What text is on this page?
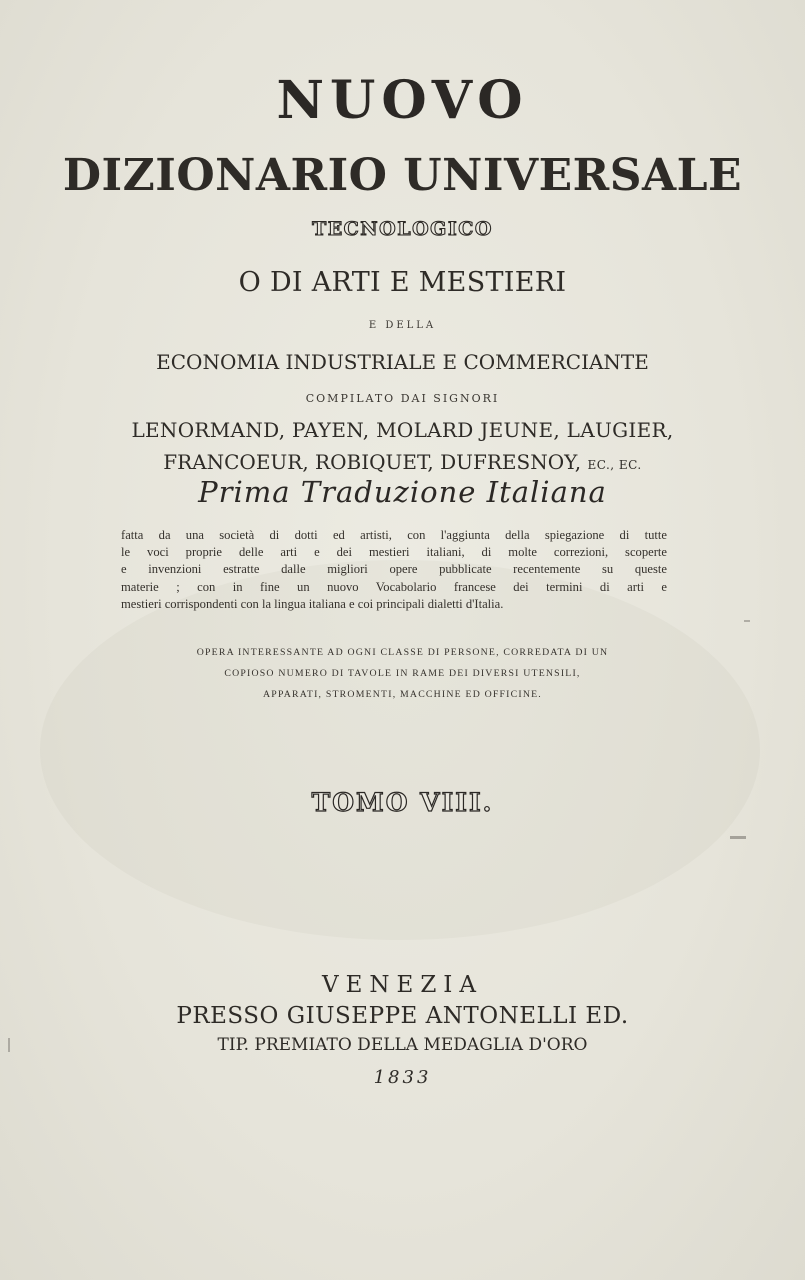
NUOVO
DIZIONARIO UNIVERSALE
TECNOLOGICO
O DI ARTI E MESTIERI
E DELLA
ECONOMIA INDUSTRIALE E COMMERCIANTE
COMPILATO DAI SIGNORI
LENORMAND, PAYEN, MOLARD JEUNE, LAUGIER,
FRANCOEUR, ROBIQUET, DUFRESNOY, EC., EC.
Prima Traduzione Italiana
fatta da una società di dotti ed artisti, con l'aggiunta della spiegazione di tutte
le voci proprie delle arti e dei mestieri italiani, di molte correzioni, scoperte
e invenzioni estratte dalle migliori opere pubblicate recentemente su queste
materie ; con in fine un nuovo Vocabolario francese dei termini di arti e
mestieri corrispondenti con la lingua italiana e coi principali dialetti d'Italia.
OPERA INTERESSANTE AD OGNI CLASSE DI PERSONE, CORREDATA DI UN
COPIOSO NUMERO DI TAVOLE IN RAME DEI DIVERSI UTENSILI,
APPARATI, STROMENTI, MACCHINE ED OFFICINE.
TOMO VIII.
VENEZIA
PRESSO GIUSEPPE ANTONELLI ED.
TIP. PREMIATO DELLA MEDAGLIA D'ORO
1833
